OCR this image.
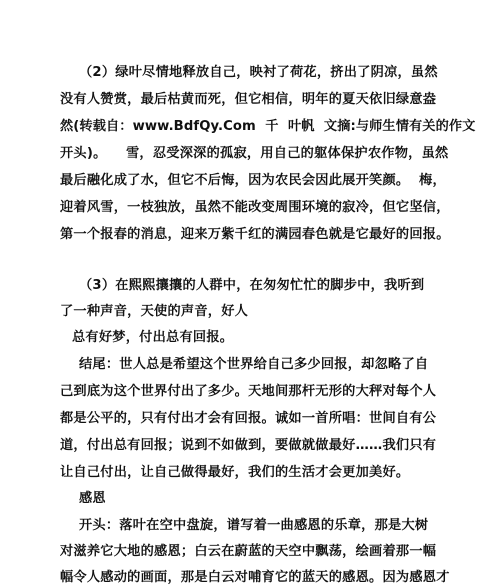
（2）绿叶尽情地释放自己，映衬了荷花，挤出了阴凉，虽然
没有人赞赏，最后枯黄而死，但它相信，明年的夏天依旧绿意盎
然(转载自：www.BdfQy.Com  千  叶帆  文摘:与师生情有关的作文
开头)。    雪，忍受深深的孤寂，用自己的躯体保护农作物，虽然
最后融化成了水，但它不后悔，因为农民会因此展开笑颜。  梅，
迎着风雪，一枝独放，虽然不能改变周围环境的寂冷，但它坚信，
第一个报春的消息，迎来万紫千红的满园春色就是它最好的回报。
（3）在熙熙攘攘的人群中，在匆匆忙忙的脚步中，我听到
了一种声音，天使的声音，好人
总有好梦，付出总有回报。
结尾：世人总是希望这个世界给自己多少回报，却忽略了自
己到底为这个世界付出了多少。天地间那杆无形的大秤对每个人
都是公平的，只有付出才会有回报。诚如一首所唱：世间自有公
道，付出总有回报；说到不如做到，要做就做最好……我们只有
让自己付出，让自己做得最好，我们的生活才会更加美好。
感恩
开头：落叶在空中盘旋，谱写着一曲感恩的乐章，那是大树
对滋养它大地的感恩；白云在蔚蓝的天空中飘荡，绘画着那一幅
幅令人感动的画面，那是白云对哺育它的蓝天的感恩。因为感恩才
